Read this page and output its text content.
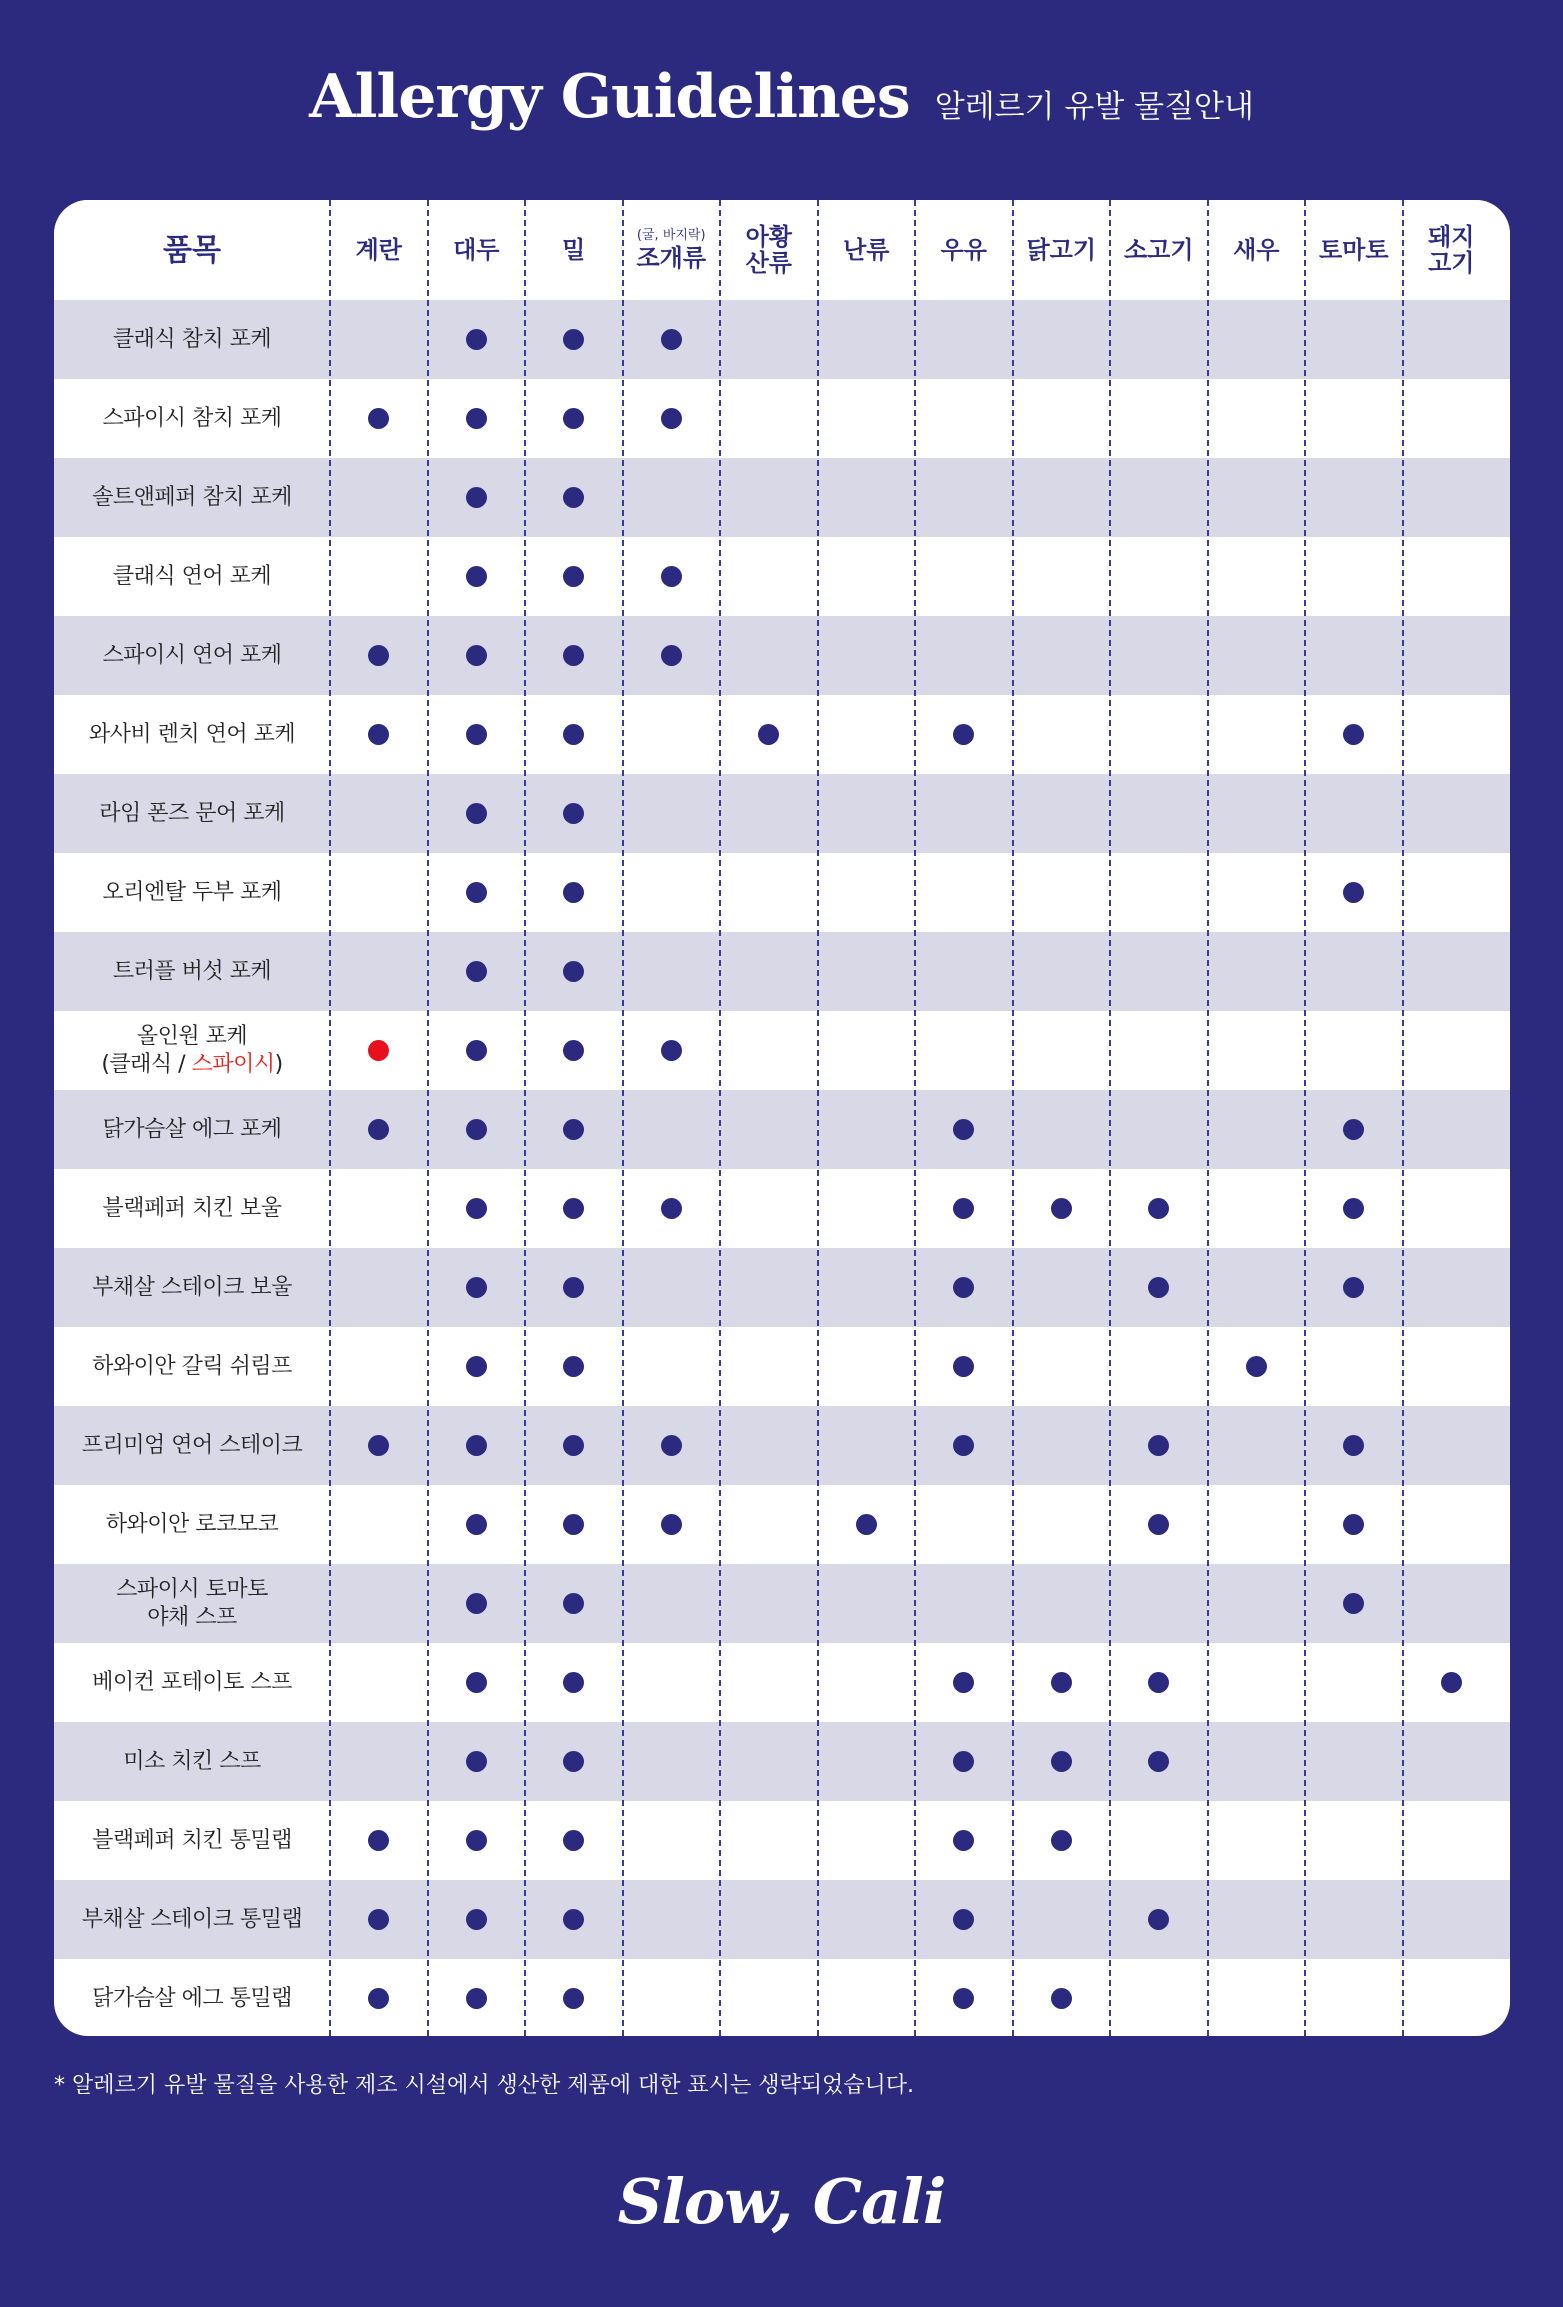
Allergy Guidelines 알레르기 유발 물질안내
품목	계란 대두	밀
(굴, 바지락)
조개류
아황
산류 난류 우유 닭고기 소고기 새우 토마토 돼지
고기
클래식 참치 포케
스파이시 참치 포케
솔트앤페퍼 참치 포케
클래식 연어 포케
스파이시 연어 포케
와사비 렌치 연어 포케
라임 폰즈 문어 포케
오리엔탈 두부 포케
트러플 버섯 포케
올인원 포케
(클래식 / 스파이시)
닭가슴살 에그 포케
블랙페퍼 치킨 보울
부채살 스테이크 보울
하와이안 갈릭 쉬림프
프리미엄 연어 스테이크
하와이안 로코모코
스파이시 토마토
야채 스프
베이컨 포테이토 스프
미소 치킨 스프
블랙페퍼 치킨 통밀랩
부채살 스테이크 통밀랩
닭가슴살 에그 통밀랩
* 알레르기 유발 물질을 사용한 제조 시설에서 생산한 제품에 대한 표시는 생략되었습니다.
Slow, Cali
